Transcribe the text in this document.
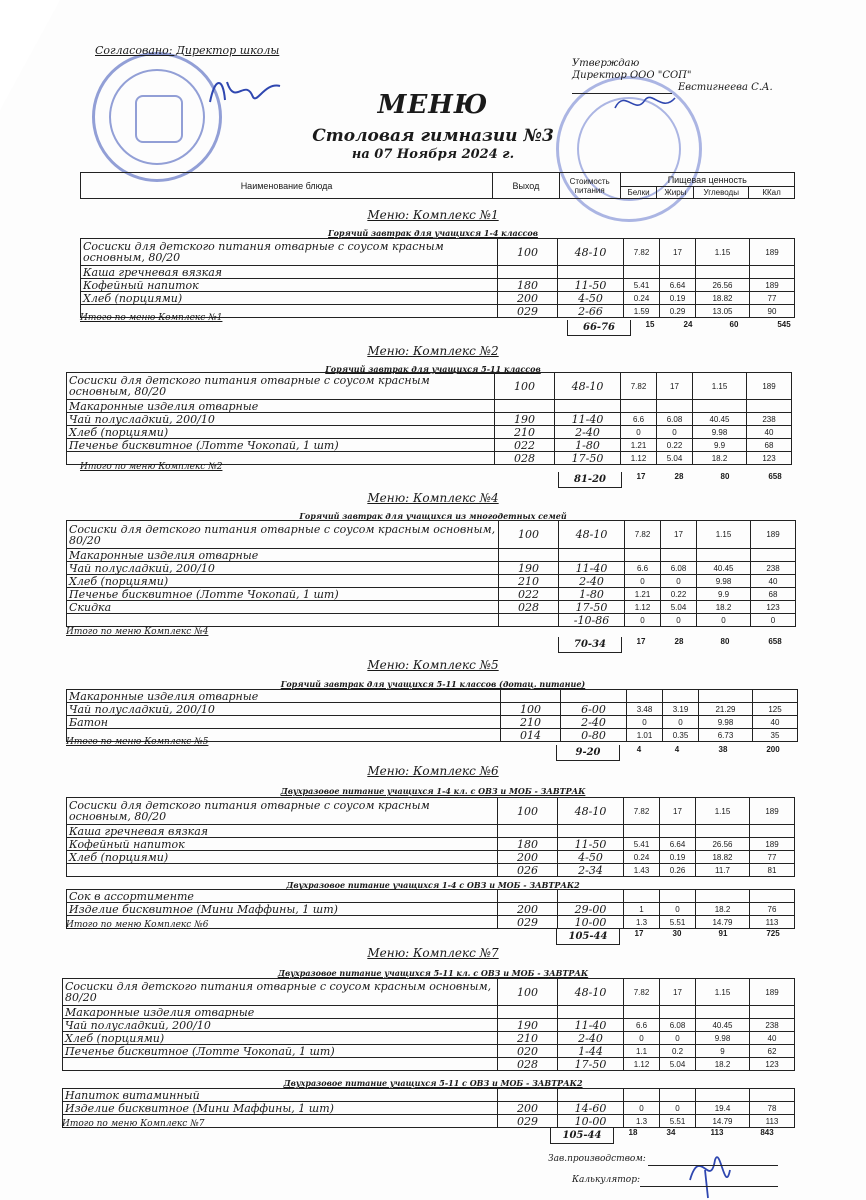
Согласовано: Директор школы
Утверждаю
Директор ООО "СОП"
Евстигнеева С.А.
МЕНЮ
Столовая гимназии №3
на 07 Ноября 2024 г.
Наименование блюда	Выход	Стоимость питания	Пищевая ценность			
			Белки	Жиры	Углеводы	ККал
Меню: Комплекс №1
Горячий завтрак для учащихся 1-4 классов
Сосиски для детского питания отварные с соусом красным основным, 80/20	100	48-10	7.82	17	1.15	189
Каша гречневая вязкая						
Кофейный напиток	180	11-50	5.41	6.64	26.56	189
Хлеб (порциями)	200	4-50	0.24	0.19	18.82	77
	029	2-66	1.59	0.29	13.05	90
Итого по меню Комплекс №1
66-76	15	24	60	545
Меню: Комплекс №2
Горячий завтрак для учащихся 5-11 классов
Сосиски для детского питания отварные с соусом красным основным, 80/20	100	48-10	7.82	17	1.15	189
Макаронные изделия отварные						
Чай полусладкий, 200/10	190	11-40	6.6	6.08	40.45	238
Хлеб (порциями)	210	2-40	0	0	9.98	40
Печенье бисквитное (Лотте Чокопай, 1 шт)	022	1-80	1.21	0.22	9.9	68
	028	17-50	1.12	5.04	18.2	123
Итого по меню Комплекс №2
81-20	17	28	80	658
Меню: Комплекс №4
Горячий завтрак для учащихся из многодетных семей
Сосиски для детского питания отварные с соусом красным основным, 80/20	100	48-10	7.82	17	1.15	189
Макаронные изделия отварные						
Чай полусладкий, 200/10	190	11-40	6.6	6.08	40.45	238
Хлеб (порциями)	210	2-40	0	0	9.98	40
Печенье бисквитное (Лотте Чокопай, 1 шт)	022	1-80	1.21	0.22	9.9	68
Скидка	028	17-50	1.12	5.04	18.2	123
		-10-86	0	0	0	0
Итого по меню Комплекс №4
70-34	17	28	80	658
Меню: Комплекс №5
Горячий завтрак для учащихся 5-11 классов (дотац. питание)
Макаронные изделия отварные						
Чай полусладкий, 200/10	100	6-00	3.48	3.19	21.29	125
Батон	210	2-40	0	0	9.98	40
	014	0-80	1.01	0.35	6.73	35
Итого по меню Комплекс №5
9-20	4	4	38	200
Меню: Комплекс №6
Двухразовое питание учащихся 1-4 кл. с ОВЗ и МОБ - ЗАВТРАК
Сосиски для детского питания отварные с соусом красным основным, 80/20	100	48-10	7.82	17	1.15	189
Каша гречневая вязкая						
Кофейный напиток	180	11-50	5.41	6.64	26.56	189
Хлеб (порциями)	200	4-50	0.24	0.19	18.82	77
	026	2-34	1.43	0.26	11.7	81
Двухразовое питание учащихся 1-4 с ОВЗ и МОБ - ЗАВТРАК2
Сок в ассортименте						
Изделие бисквитное (Мини Маффины, 1 шт)	200	29-00	1	0	18.2	76
	029	10-00	1.3	5.51	14.79	113
Итого по меню Комплекс №6
105-44	17	30	91	725
Меню: Комплекс №7
Двухразовое питание учащихся 5-11 кл. с ОВЗ и МОБ - ЗАВТРАК
Сосиски для детского питания отварные с соусом красным основным, 80/20	100	48-10	7.82	17	1.15	189
Макаронные изделия отварные						
Чай полусладкий, 200/10	190	11-40	6.6	6.08	40.45	238
Хлеб (порциями)	210	2-40	0	0	9.98	40
Печенье бисквитное (Лотте Чокопай, 1 шт)	020	1-44	1.1	0.2	9	62
	028	17-50	1.12	5.04	18.2	123
Двухразовое питание учащихся 5-11 с ОВЗ и МОБ - ЗАВТРАК2
Напиток витаминный						
Изделие бисквитное (Мини Маффины, 1 шт)	200	14-60	0	0	19.4	78
	029	10-00	1.3	5.51	14.79	113
Итого по меню Комплекс №7
105-44	18	34	113	843
Зав.производством:
Калькулятор:
